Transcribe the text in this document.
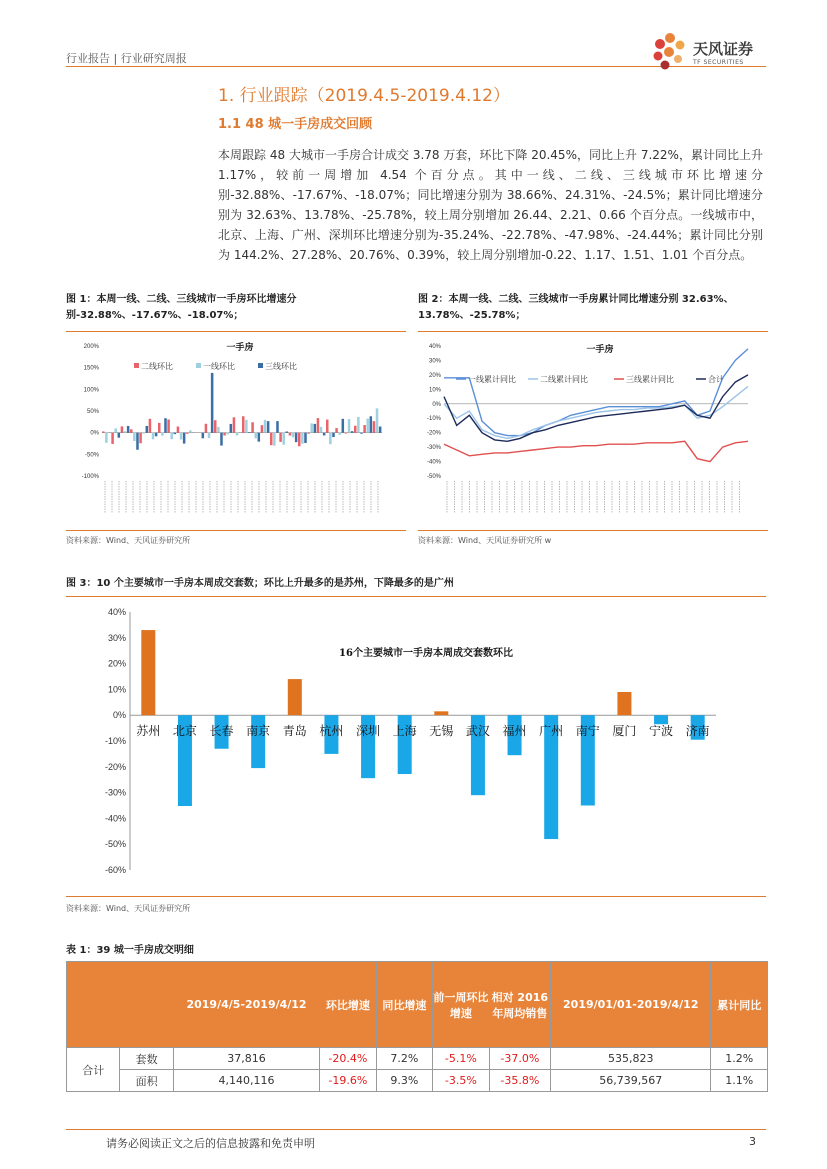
行业报告 | 行业研究周报
天风证券
TF SECURITIES
1. 行业跟踪（2019.4.5-2019.4.12）
1.1 48 城一手房成交回顾
本周跟踪 48 大城市一手房合计成交 3.78 万套，环比下降 20.45%，同比上升 7.22%，累计同比上升 1.17%，较前一周增加 4.54 个百分点。其中一线、二线、三线城市环比增速分别-32.88%、-17.67%、-18.07%；同比增速分别为 38.66%、24.31%、-24.5%；累计同比增速分别为 32.63%、13.78%、-25.78%，较上周分别增加 26.44、2.21、0.66 个百分点。一线城市中，北京、上海、广州、深圳环比增速分别为-35.24%、-22.78%、-47.98%、-24.44%；累计同比分别为 144.2%、27.28%、20.76%、0.39%，较上周分别增加-0.22、1.17、1.51、1.01 个百分点。
图 1：本周一线、二线、三线城市一手房环比增速分别-32.88%、-17.67%、-18.07%；
200%
150%
100%
50%
0%
-50%
-100%
一手房
二线环比	一线环比	三线环比
资料来源：Wind、天风证券研究所
图 2：本周一线、二线、三线城市一手房累计同比增速分别 32.63%、13.78%、-25.78%；
40%
30%
20%
10%
0%
-10%
-20%
-30%
-40%
-50%
一手房
一线累计同比	二线累计同比	三线累计同比	合计
资料来源：Wind、天风证券研究所 w
图 3：10 个主要城市一手房本周成交套数；环比上升最多的是苏州，下降最多的是广州
40%
30%
20%
10%
0%
-10%
-20%
-30%
-40%
-50%
-60%
16个主要城市一手房本周成交套数环比
苏州 北京 长春 南京 青岛 杭州 深圳 上海 无锡 武汉 福州 广州 南宁 厦门 宁波 济南
资料来源：Wind、天风证券研究所
表 1：39 城一手房成交明细
		2019/4/5-2019/4/12	环比增速	同比增速	前一周环比增速	相对 2016 年周均销售	2019/01/01-2019/4/12	累计同比
合计	套数	37,816	-20.4%	7.2%	-5.1%	-37.0%	535,823	1.2%
	面积	4,140,116	-19.6%	9.3%	-3.5%	-35.8%	56,739,567	1.1%
请务必阅读正文之后的信息披露和免责申明	3
